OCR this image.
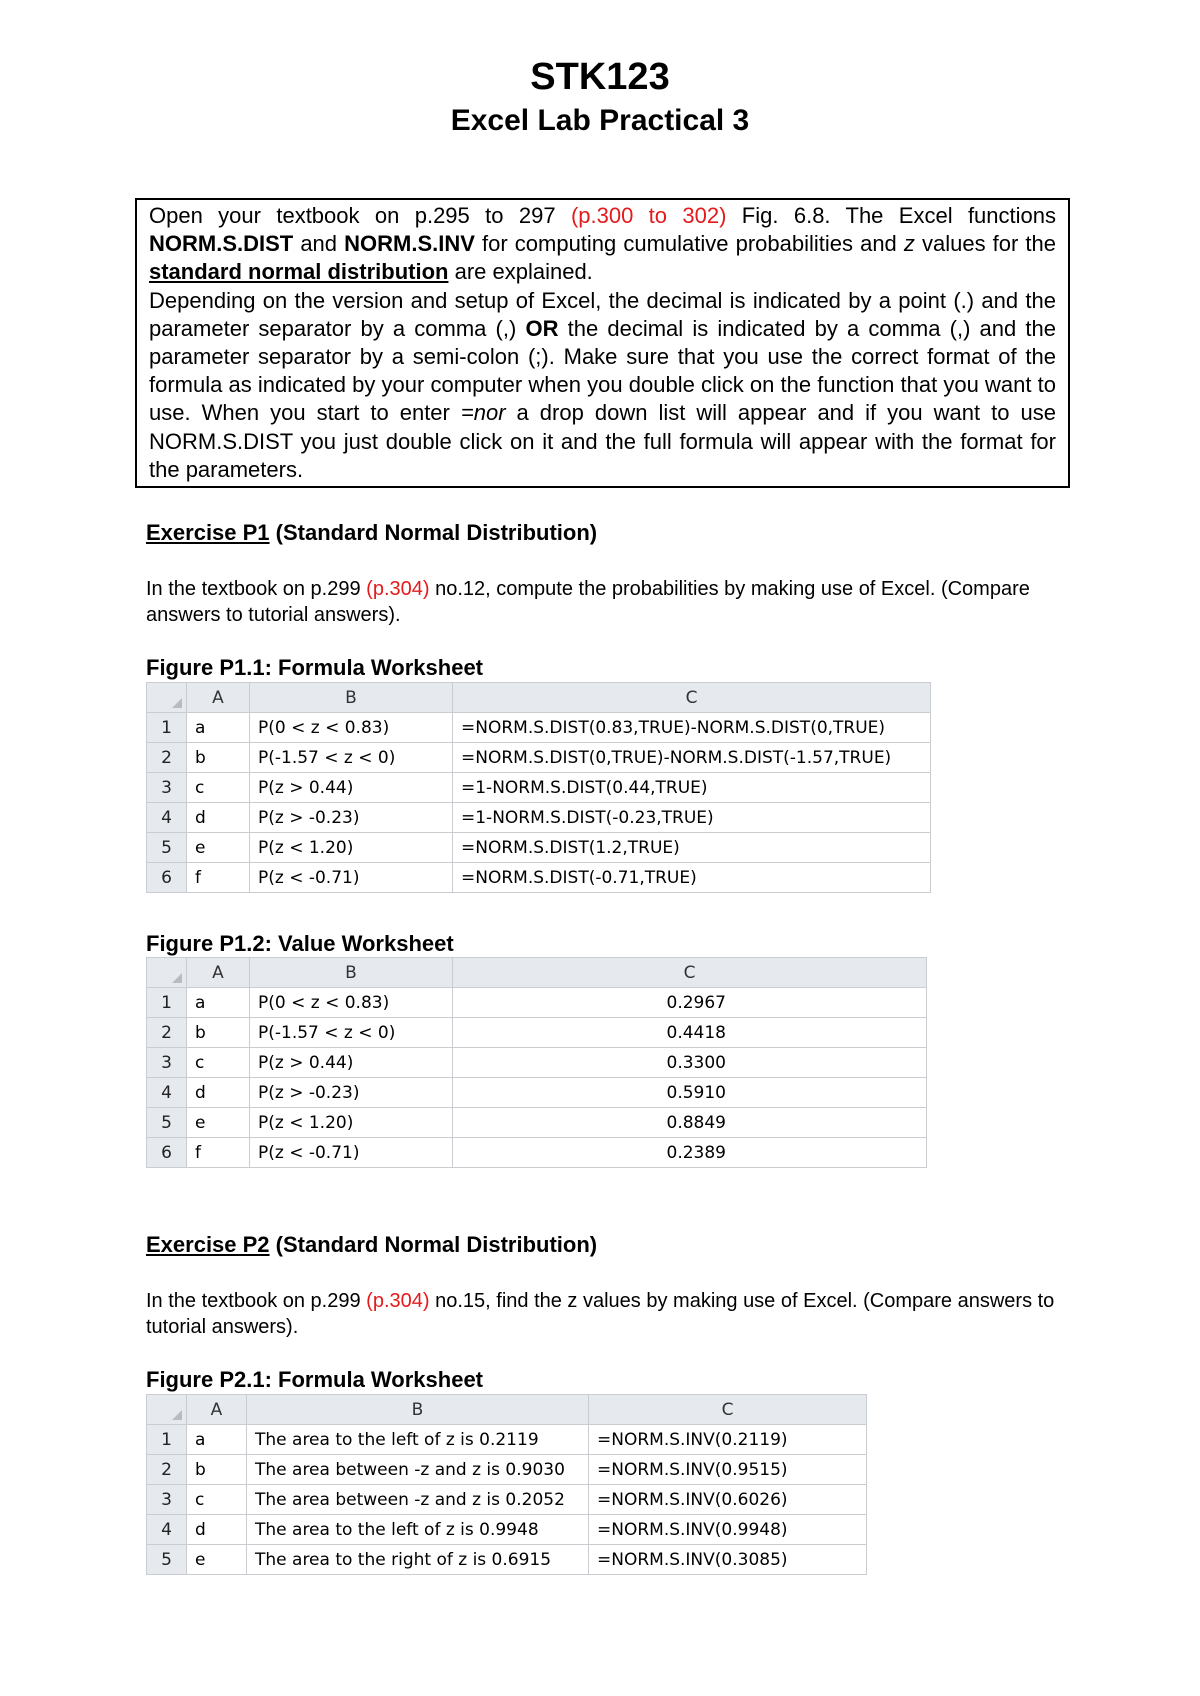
STK123
Excel Lab Practical 3

Open your textbook on p.295 to 297 (p.300 to 302) Fig. 6.8. The Excel functions NORM.S.DIST and NORM.S.INV for computing cumulative probabilities and z values for the standard normal distribution are explained.

Depending on the version and setup of Excel, the decimal is indicated by a point (.) and the parameter separator by a comma (,) OR the decimal is indicated by a comma (,) and the parameter separator by a semi-colon (;). Make sure that you use the correct format of the formula as indicated by your computer when you double click on the function that you want to use. When you start to enter =nor a drop down list will appear and if you want to use NORM.S.DIST you just double click on it and the full formula will appear with the format for the parameters.

Exercise P1 (Standard Normal Distribution)

In the textbook on p.299 (p.304) no.12, compute the probabilities by making use of Excel. (Compare answers to tutorial answers).

Figure P1.1: Formula Worksheet

	A	B	C
1	a	P(0 < z < 0.83)	=NORM.S.DIST(0.83,TRUE)-NORM.S.DIST(0,TRUE)
2	b	P(-1.57 < z < 0)	=NORM.S.DIST(0,TRUE)-NORM.S.DIST(-1.57,TRUE)
3	c	P(z > 0.44)	=1-NORM.S.DIST(0.44,TRUE)
4	d	P(z > -0.23)	=1-NORM.S.DIST(-0.23,TRUE)
5	e	P(z < 1.20)	=NORM.S.DIST(1.2,TRUE)
6	f	P(z < -0.71)	=NORM.S.DIST(-0.71,TRUE)

Figure P1.2: Value Worksheet

	A	B	C
1	a	P(0 < z < 0.83)	0.2967
2	b	P(-1.57 < z < 0)	0.4418
3	c	P(z > 0.44)	0.3300
4	d	P(z > -0.23)	0.5910
5	e	P(z < 1.20)	0.8849
6	f	P(z < -0.71)	0.2389

Exercise P2 (Standard Normal Distribution)

In the textbook on p.299 (p.304) no.15, find the z values by making use of Excel. (Compare answers to tutorial answers).

Figure P2.1: Formula Worksheet

	A	B	C
1	a	The area to the left of z is 0.2119	=NORM.S.INV(0.2119)
2	b	The area between -z and z is 0.9030	=NORM.S.INV(0.9515)
3	c	The area between -z and z is 0.2052	=NORM.S.INV(0.6026)
4	d	The area to the left of z is 0.9948	=NORM.S.INV(0.9948)
5	e	The area to the right of z is 0.6915	=NORM.S.INV(0.3085)
